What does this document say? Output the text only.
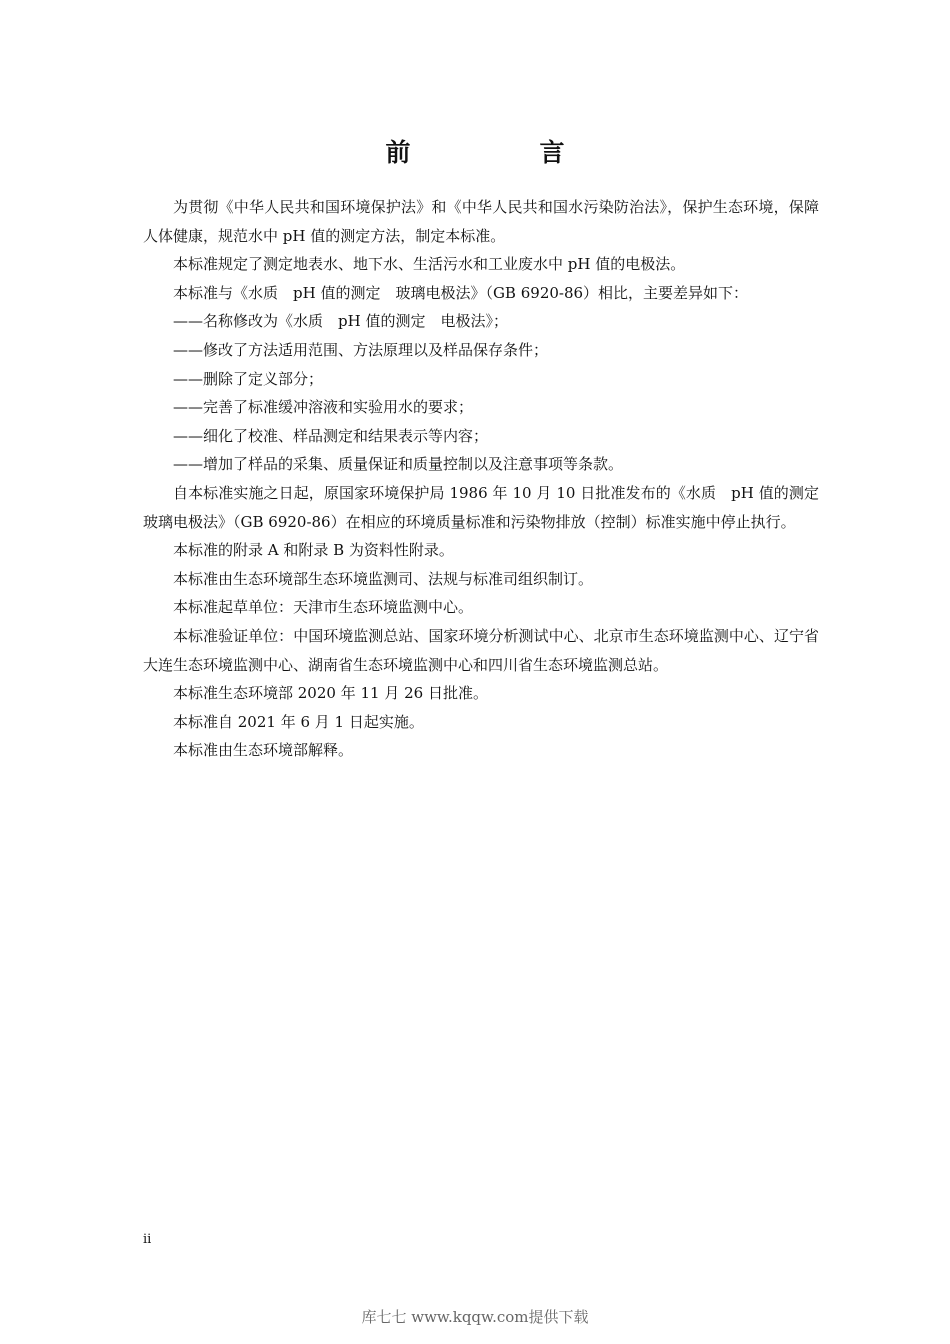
前　言

为贯彻《中华人民共和国环境保护法》和《中华人民共和国水污染防治法》，保护生态环境，保障人体健康，规范水中 pH 值的测定方法，制定本标准。

本标准规定了测定地表水、地下水、生活污水和工业废水中 pH 值的电极法。

本标准与《水质　pH 值的测定　玻璃电极法》（GB 6920-86）相比，主要差异如下：

——名称修改为《水质　pH 值的测定　电极法》；

——修改了方法适用范围、方法原理以及样品保存条件；

——删除了定义部分；

——完善了标准缓冲溶液和实验用水的要求；

——细化了校准、样品测定和结果表示等内容；

——增加了样品的采集、质量保证和质量控制以及注意事项等条款。

自本标准实施之日起，原国家环境保护局 1986 年 10 月 10 日批准发布的《水质　pH 值的测定　玻璃电极法》（GB 6920-86）在相应的环境质量标准和污染物排放（控制）标准实施中停止执行。

本标准的附录 A 和附录 B 为资料性附录。

本标准由生态环境部生态环境监测司、法规与标准司组织制订。

本标准起草单位：天津市生态环境监测中心。

本标准验证单位：中国环境监测总站、国家环境分析测试中心、北京市生态环境监测中心、辽宁省大连生态环境监测中心、湖南省生态环境监测中心和四川省生态环境监测总站。

本标准生态环境部 2020 年 11 月 26 日批准。

本标准自 2021 年 6 月 1 日起实施。

本标准由生态环境部解释。

ii
库七七 www.kqqw.com提供下载
